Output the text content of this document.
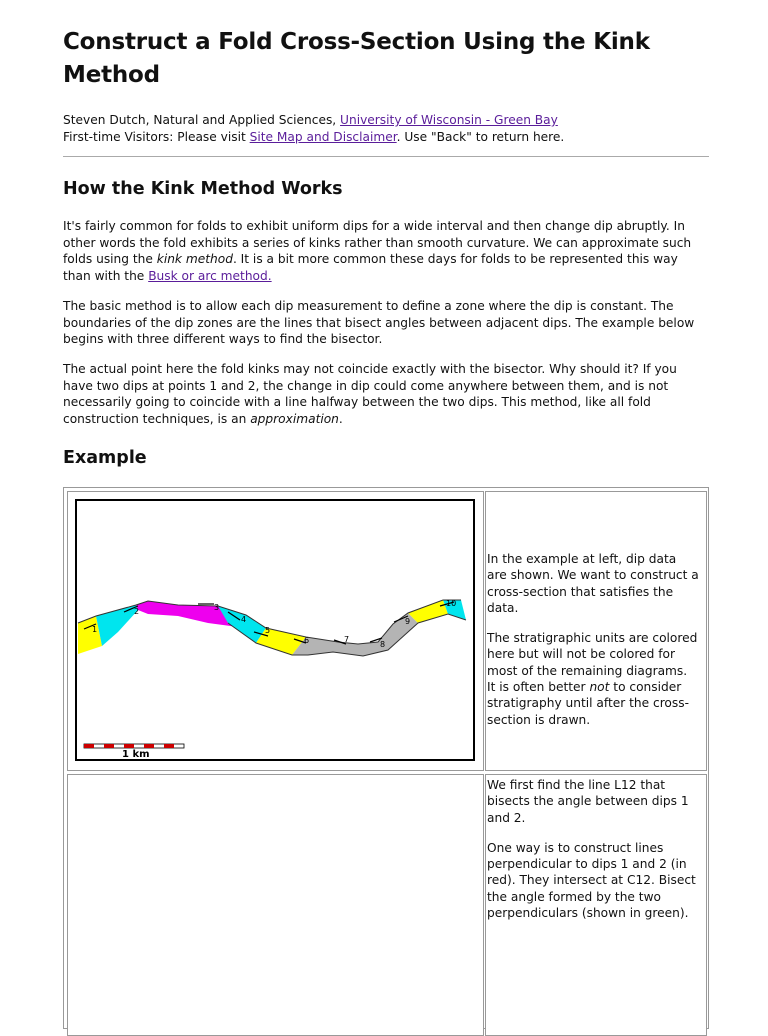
Construct a Fold Cross-Section Using the Kink Method
Steven Dutch, Natural and Applied Sciences, University of Wisconsin - Green Bay
First-time Visitors: Please visit Site Map and Disclaimer. Use "Back" to return here.
How the Kink Method Works

It's fairly common for folds to exhibit uniform dips for a wide interval and then change dip abruptly. In other words the fold exhibits a series of kinks rather than smooth curvature. We can approximate such folds using the kink method. It is a bit more common these days for folds to be represented this way than with the Busk or arc method.

The basic method is to allow each dip measurement to define a zone where the dip is constant. The boundaries of the dip zones are the lines that bisect angles between adjacent dips. The example below begins with three different ways to find the bisector.

The actual point here the fold kinks may not coincide exactly with the bisector. Why should it? If you have two dips at points 1 and 2, the change in dip could come anywhere between them, and is not necessarily going to coincide with a line halfway between the two dips. This method, like all fold construction techniques, is an approximation.

Example
1
2	3
4
5
6	7
8
9
10
1 km

In the example at left, dip data are shown. We want to construct a cross-section that satisfies the data.

The stratigraphic units are colored here but will not be colored for most of the remaining diagrams. It is often better not to consider stratigraphy until after the cross-section is drawn.

We first find the line L12 that bisects the angle between dips 1 and 2.

One way is to construct lines perpendicular to dips 1 and 2 (in red). They intersect at C12. Bisect the angle formed by the two perpendiculars (shown in green).
